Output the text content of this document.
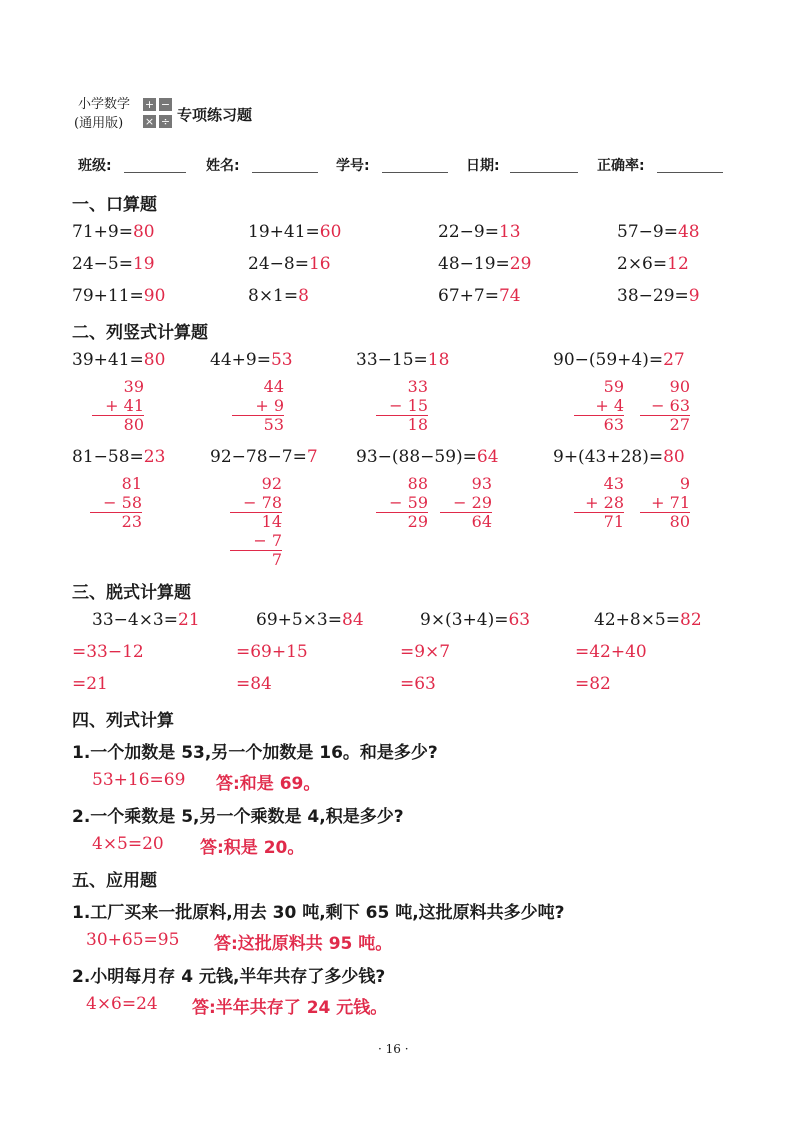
小学数学
(通用版)
+ −
× ÷ 专项练习题
班级:	姓名:	学号:	日期:	正确率:
一、口算题
71+9=80	19+41=60	22−9=13	57−9=48
24−5=19	24−8=16	48−19=29	2×6=12
79+11=90	8×1=8	67+7=74	38−29=9
二、列竖式计算题
39+41=80	44+9=53	33−15=18	90−(59+4)=27
39
+ 41
80
44
+ 9
53
33
− 15
18
59
+ 4
63
90
− 63
27
81−58=23	92−78−7=7 93−(88−59)=64	9+(43+28)=80
81
− 58
23
92
− 78
14
− 7
7
88
− 59
29
93
− 29
64
43
+ 28
71
9
+ 71
80
三、脱式计算题
33−4×3=21
=33−12
=21
69+5×3=84
=69+15
=84
9×(3+4)=63
=9×7
=63
42+8×5=82
=42+40
=82
四、列式计算
1.一个加数是 53,另一个加数是 16。和是多少?
53+16=69 答:和是 69。
2.一个乘数是 5,另一个乘数是 4,积是多少?
4×5=20 答:积是 20。
五、应用题
1.工厂买来一批原料,用去 30 吨,剩下 65 吨,这批原料共多少吨?
30+65=95 答:这批原料共 95 吨。
2.小明每月存 4 元钱,半年共存了多少钱?
4×6=24 答:半年共存了 24 元钱。
· 16 ·
